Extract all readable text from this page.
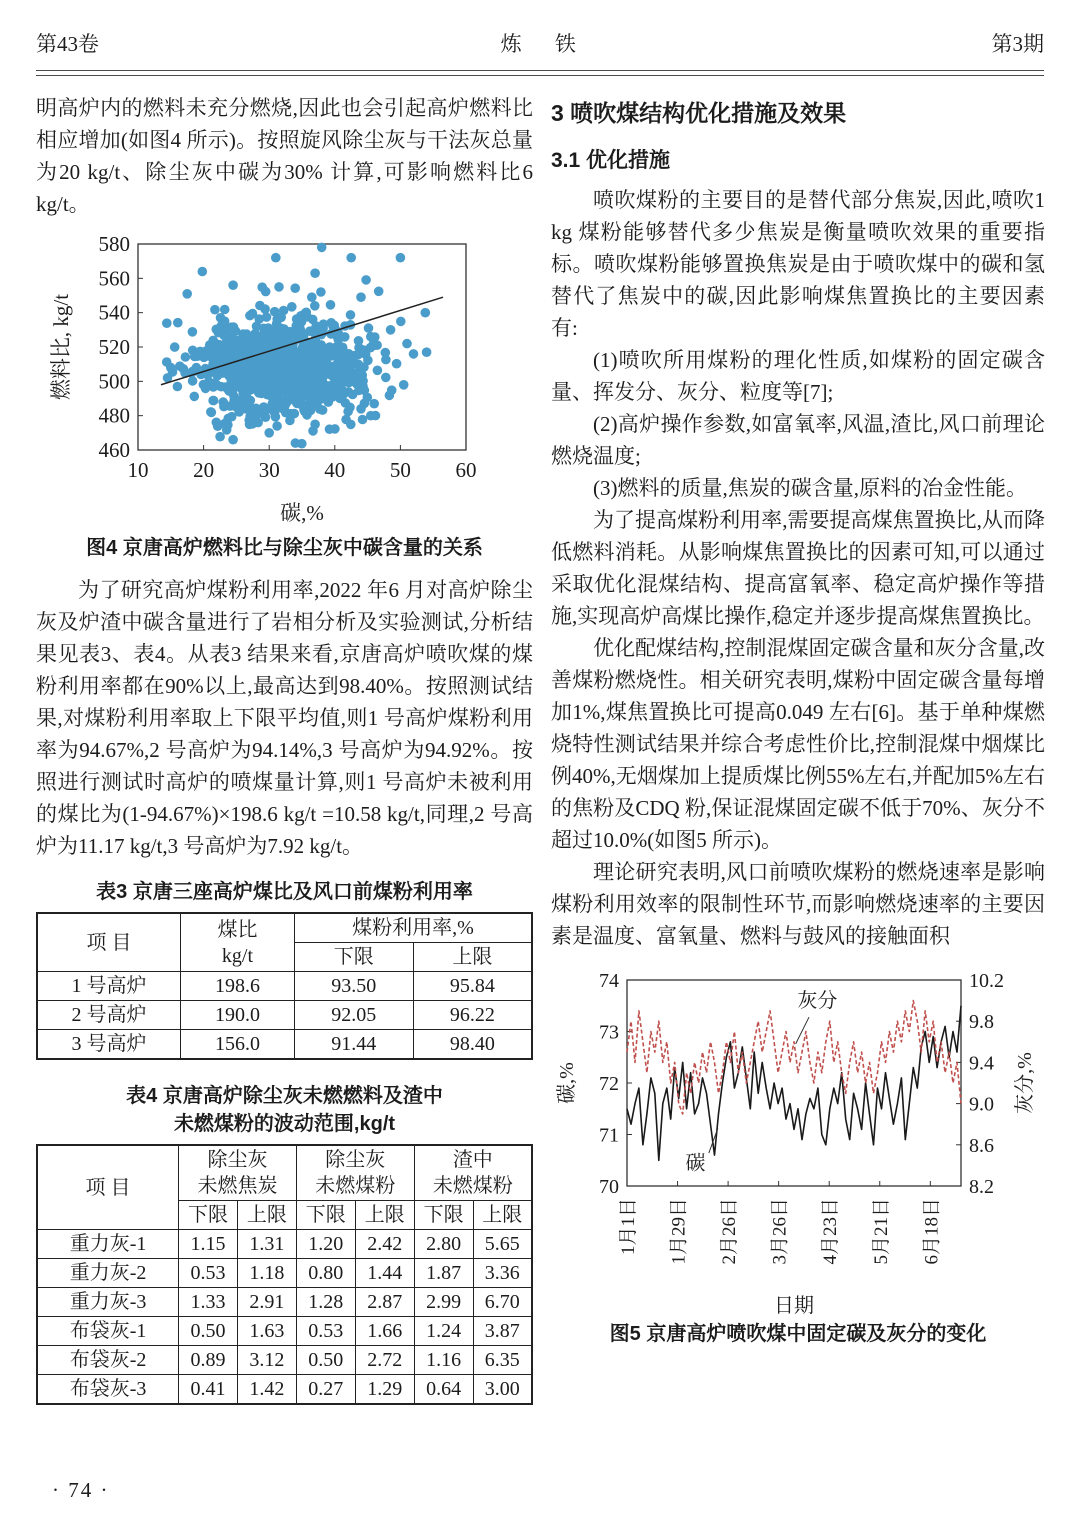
第43卷	炼 铁	第3期

明高炉内的燃料未充分燃烧,因此也会引起高炉燃料比相应增加(如图4 所示)。按照旋风除尘灰与干法灰总量为20 kg/t、除尘灰中碳为30% 计算,可影响燃料比6 kg/t。

460
480
500
520
540
560
580
10 20 30 40 50 60
燃料比, kg/t
碳,%
图4 京唐高炉燃料比与除尘灰中碳含量的关系

为了研究高炉煤粉利用率,2022 年6 月对高炉除尘灰及炉渣中碳含量进行了岩相分析及实验测试,分析结果见表3、表4。从表3 结果来看,京唐高炉喷吹煤的煤粉利用率都在90%以上,最高达到98.40%。按照测试结果,对煤粉利用率取上下限平均值,则1 号高炉煤粉利用率为94.67%,2 号高炉为94.14%,3 号高炉为94.92%。按照进行测试时高炉的喷煤量计算,则1 号高炉未被利用的煤比为(1-94.67%)×198.6 kg/t =10.58 kg/t,同理,2 号高炉为11.17 kg/t,3 号高炉为7.92 kg/t。

表3 京唐三座高炉煤比及风口前煤粉利用率
项 目	煤比
kg/t	煤粉利用率,%	
		下限	上限
1 号高炉	198.6	93.50	95.84
2 号高炉	190.0	92.05	96.22
3 号高炉	156.0	91.44	98.40
表4 京唐高炉除尘灰未燃燃料及渣中
未燃煤粉的波动范围,kg/t
项 目	
除尘灰
未燃焦炭

除尘灰
未燃煤粉

渣中
未燃煤粉

	下限	上限	下限	上限	下限	上限
重力灰-1	1.15	1.31	1.20	2.42	2.80	5.65
重力灰-2	0.53	1.18	0.80	1.44	1.87	3.36
重力灰-3	1.33	2.91	1.28	2.87	2.99	6.70
布袋灰-1	0.50	1.63	0.53	1.66	1.24	3.87
布袋灰-2	0.89	3.12	0.50	2.72	1.16	6.35
布袋灰-3	0.41	1.42	0.27	1.29	0.64	3.00
3 喷吹煤结构优化措施及效果
3.1 优化措施

喷吹煤粉的主要目的是替代部分焦炭,因此,喷吹1 kg 煤粉能够替代多少焦炭是衡量喷吹效果的重要指标。喷吹煤粉能够置换焦炭是由于喷吹煤中的碳和氢替代了焦炭中的碳,因此影响煤焦置换比的主要因素有:

(1)喷吹所用煤粉的理化性质,如煤粉的固定碳含量、挥发分、灰分、粒度等[7];

(2)高炉操作参数,如富氧率,风温,渣比,风口前理论燃烧温度;

(3)燃料的质量,焦炭的碳含量,原料的冶金性能。

为了提高煤粉利用率,需要提高煤焦置换比,从而降低燃料消耗。从影响煤焦置换比的因素可知,可以通过采取优化混煤结构、提高富氧率、稳定高炉操作等措施,实现高炉高煤比操作,稳定并逐步提高煤焦置换比。

优化配煤结构,控制混煤固定碳含量和灰分含量,改善煤粉燃烧性。相关研究表明,煤粉中固定碳含量每增加1%,煤焦置换比可提高0.049 左右[6]。基于单种煤燃烧特性测试结果并综合考虑性价比,控制混煤中烟煤比例40%,无烟煤加上提质煤比例55%左右,并配加5%左右的焦粉及CDQ 粉,保证混煤固定碳不低于70%、灰分不超过10.0%(如图5 所示)。

理论研究表明,风口前喷吹煤粉的燃烧速率是影响煤粉利用效率的限制性环节,而影响燃烧速率的主要因素是温度、富氧量、燃料与鼓风的接触面积

70
71
72
73
74
8.2
8.6
9.0
9.4
9.8
10.2
1月1日 1月29日 2月26日 3月26日 4月23日 5月21日 6月18日
碳,%	灰分,%
日期
灰分
碳
图5 京唐高炉喷吹煤中固定碳及灰分的变化
· 74 ·
